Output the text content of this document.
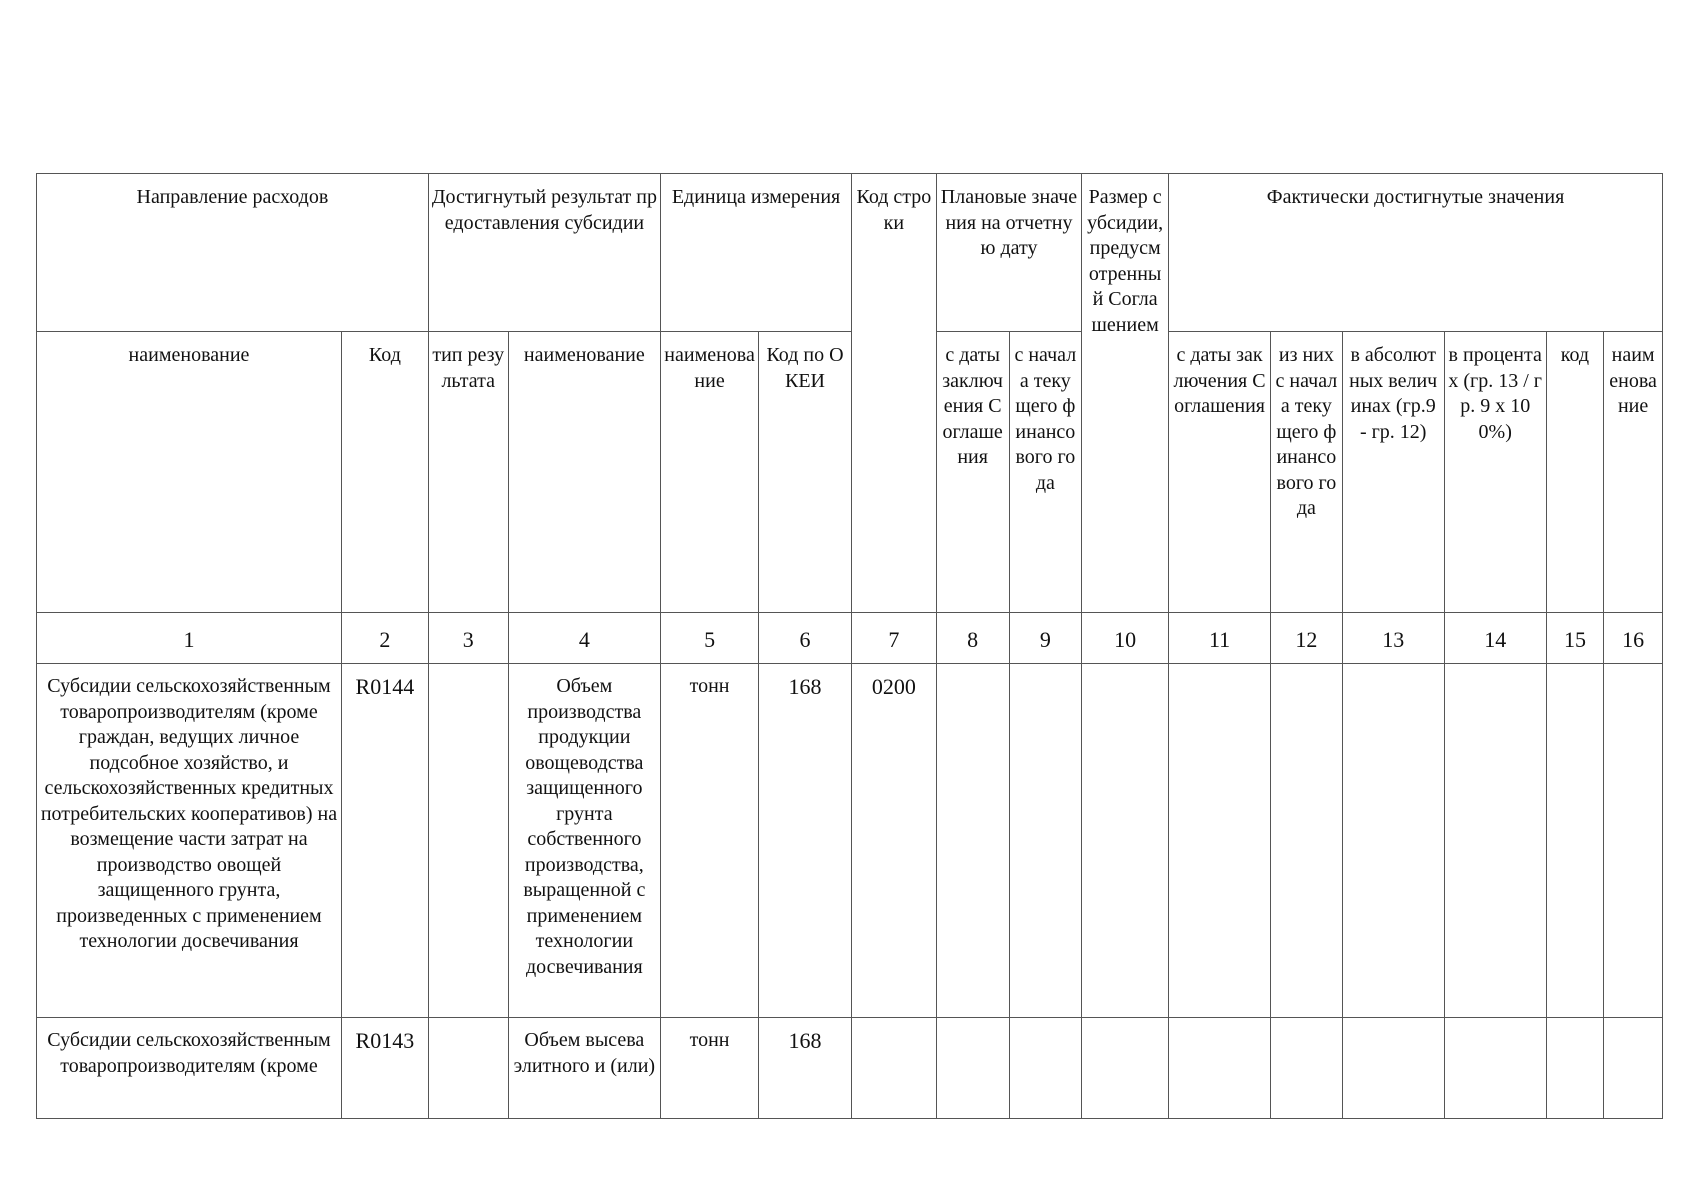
Направление расходов		Достигнутый результат предоставления субсидии		Единица измерения		Код строки	Плановые значения на отчетную дату		Размер субсидии, предусмотренный Соглашением	Фактически достигнутые значения					
наименование	Код	тип результата	наименование	наименование	Код по ОКЕИ		с даты заключения Соглашения	с начала текущего финансового года		с даты заключения Соглашения	из них с начала текущего финансового года	в абсолютных величинах (гр.9 - гр. 12)	в процентах (гр. 13 / гр. 9 x 100%)	код	наименование
1	2	3	4	5	6	7	8	9	10	11	12	13	14	15	16
Субсидии сельскохозяйственным товаропроизводителям (кроме граждан, ведущих личное подсобное хозяйство, и сельскохозяйственных кредитных потребительских кооперативов) на возмещение части затрат на производство овощей защищенного грунта, произведенных с применением технологии досвечивания	R0144		Объем производства продукции овощеводства защищенного грунта собственного производства, выращенной с применением технологии досвечивания	тонн	168	0200									
Субсидии сельскохозяйственным товаропроизводителям (кроме	R0143		Объем высева элитного и (или)	тонн	168										
